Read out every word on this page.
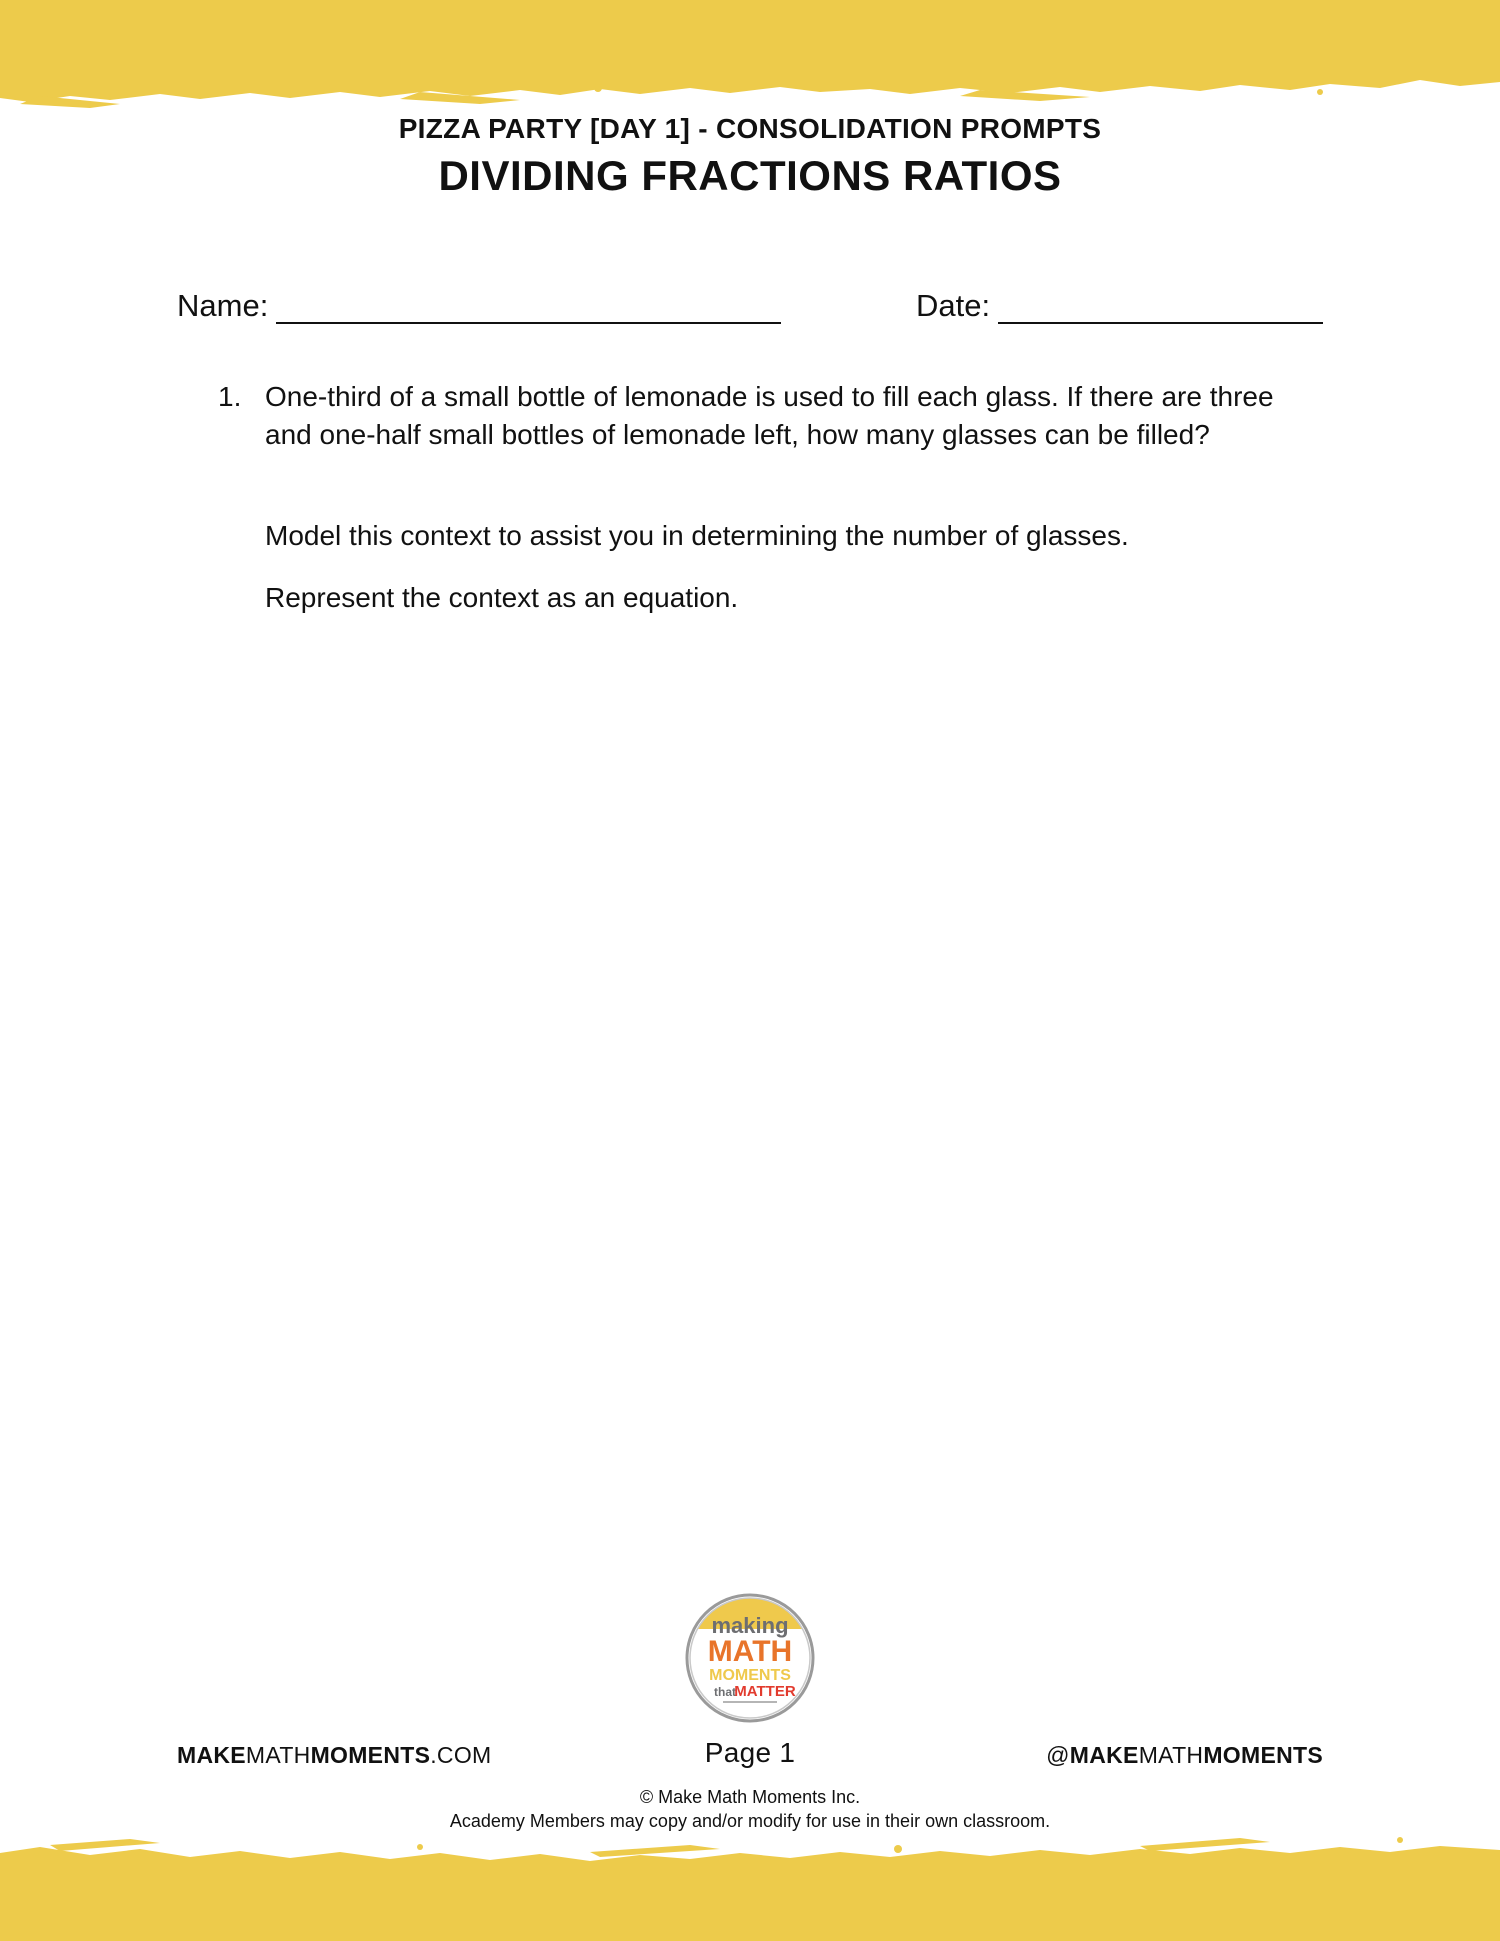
PIZZA PARTY [DAY 1] - CONSOLIDATION PROMPTS
DIVIDING FRACTIONS RATIOS
Name:	Date:
1. One-third of a small bottle of lemonade is used to fill each glass. If there are three and one-half small bottles of lemonade left, how many glasses can be filled?
Model this context to assist you in determining the number of glasses.
Represent the context as an equation.
making
MATH
MOMENTS
that
MATTER
MAKEMATHMOMENTS.COM	Page 1	@MAKEMATHMOMENTS
© Make Math Moments Inc.
Academy Members may copy and/or modify for use in their own classroom.
